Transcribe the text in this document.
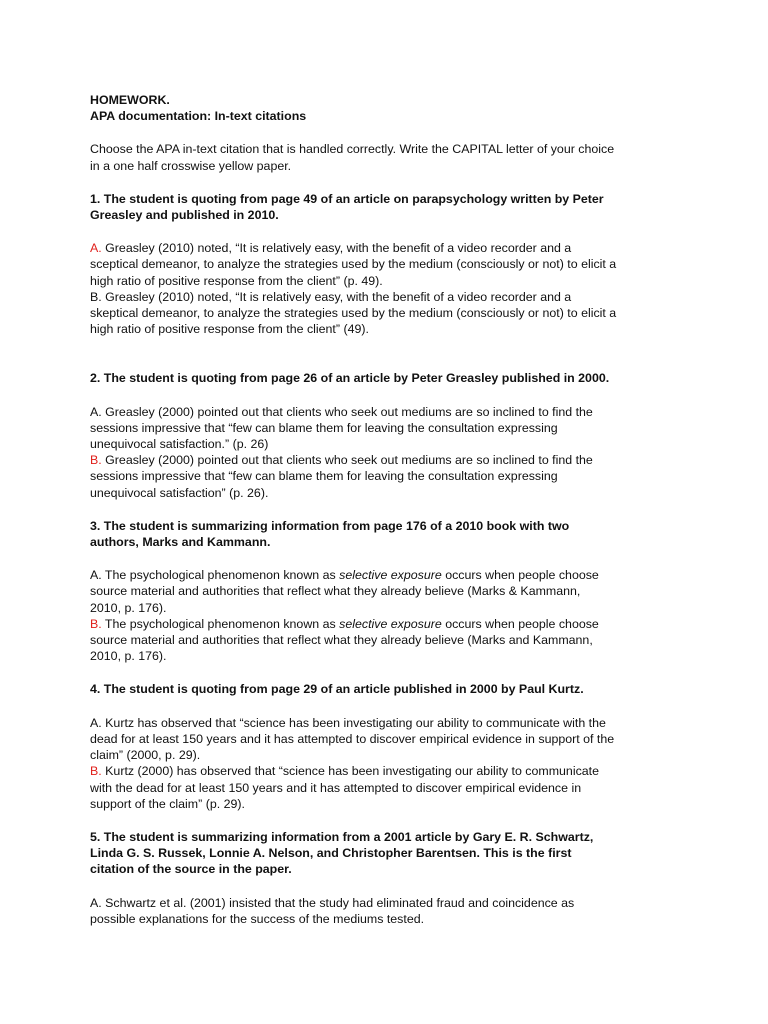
HOMEWORK.

APA documentation: In-text citations

Choose the APA in-text citation that is handled correctly. Write the CAPITAL letter of your choice
in a one half crosswise yellow paper.

1. The student is quoting from page 49 of an article on parapsychology written by Peter
Greasley and published in 2010.

A. Greasley (2010) noted, “It is relatively easy, with the benefit of a video recorder and a
sceptical demeanor, to analyze the strategies used by the medium (consciously or not) to elicit a
high ratio of positive response from the client” (p. 49).

B. Greasley (2010) noted, “It is relatively easy, with the benefit of a video recorder and a
skeptical demeanor, to analyze the strategies used by the medium (consciously or not) to elicit a
high ratio of positive response from the client” (49).

2. The student is quoting from page 26 of an article by Peter Greasley published in 2000.

A. Greasley (2000) pointed out that clients who seek out mediums are so inclined to find the
sessions impressive that “few can blame them for leaving the consultation expressing
unequivocal satisfaction.” (p. 26)

B. Greasley (2000) pointed out that clients who seek out mediums are so inclined to find the
sessions impressive that “few can blame them for leaving the consultation expressing
unequivocal satisfaction” (p. 26).

3. The student is summarizing information from page 176 of a 2010 book with two
authors, Marks and Kammann.

A. The psychological phenomenon known as selective exposure occurs when people choose
source material and authorities that reflect what they already believe (Marks & Kammann,
2010, p. 176).

B. The psychological phenomenon known as selective exposure occurs when people choose
source material and authorities that reflect what they already believe (Marks and Kammann,
2010, p. 176).

4. The student is quoting from page 29 of an article published in 2000 by Paul Kurtz.

A. Kurtz has observed that “science has been investigating our ability to communicate with the
dead for at least 150 years and it has attempted to discover empirical evidence in support of the
claim” (2000, p. 29).

B. Kurtz (2000) has observed that “science has been investigating our ability to communicate
with the dead for at least 150 years and it has attempted to discover empirical evidence in
support of the claim” (p. 29).

5. The student is summarizing information from a 2001 article by Gary E. R. Schwartz,
Linda G. S. Russek, Lonnie A. Nelson, and Christopher Barentsen. This is the first
citation of the source in the paper.

A. Schwartz et al. (2001) insisted that the study had eliminated fraud and coincidence as
possible explanations for the success of the mediums tested.
